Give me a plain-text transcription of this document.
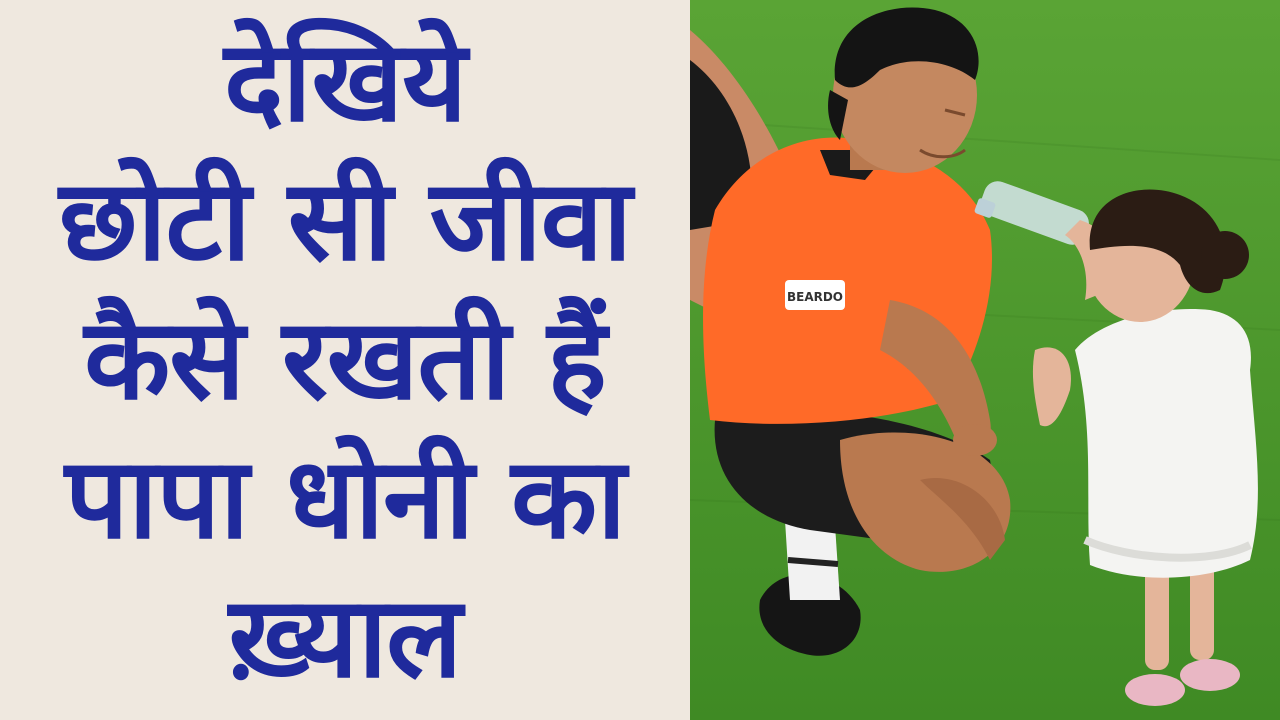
देखिये
छोटी सी जीवा
कैसे रखती हैं
पापा धोनी का
ख़्याल
BEARDO
